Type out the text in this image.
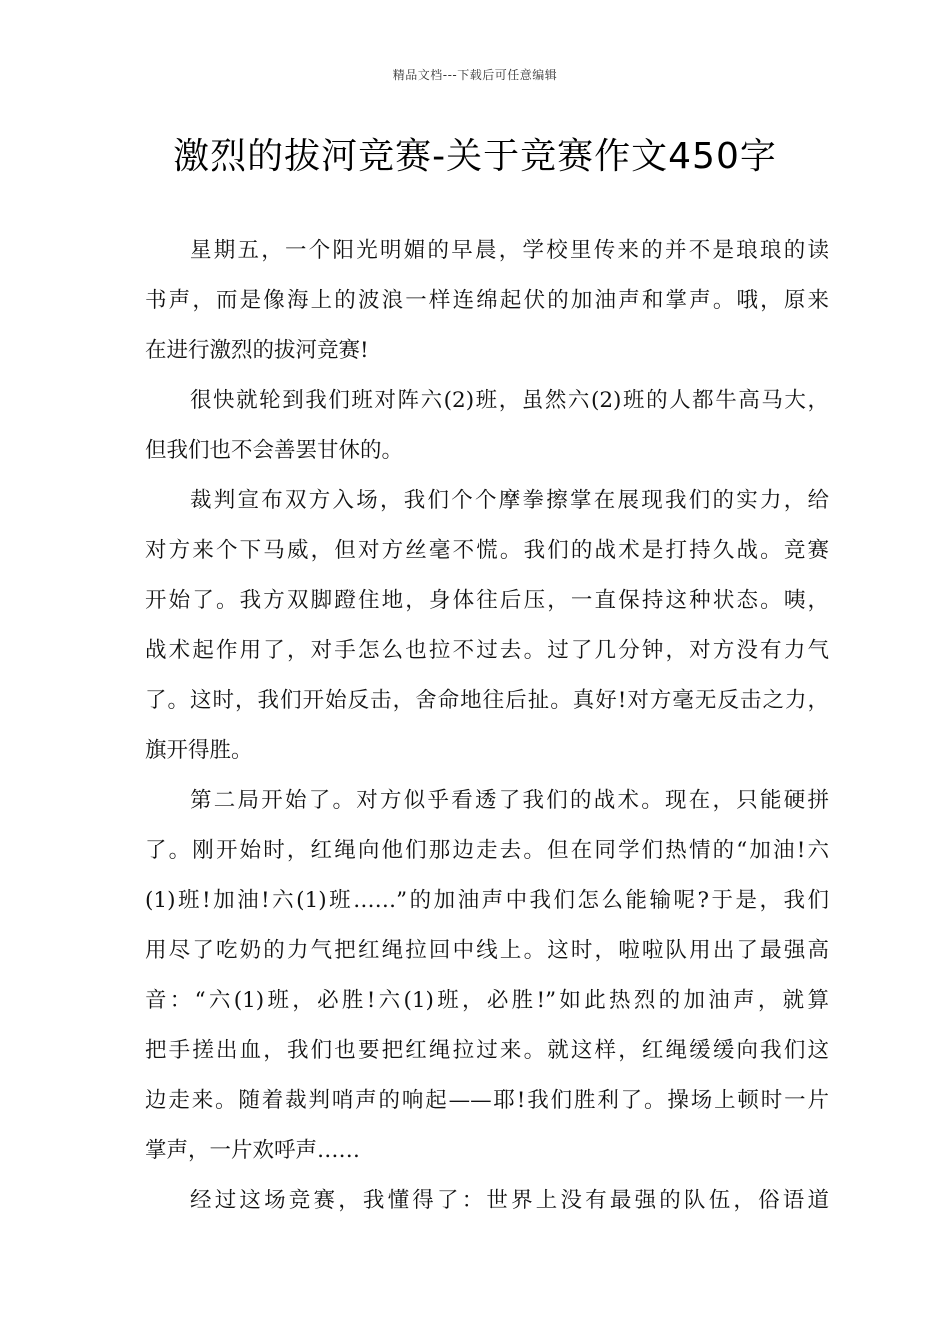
精品文档---下载后可任意编辑
激烈的拔河竞赛-关于竞赛作文450字
星期五，一个阳光明媚的早晨，学校里传来的并不是琅琅的读
书声，而是像海上的波浪一样连绵起伏的加油声和掌声。哦，原来
在进行激烈的拔河竞赛!
很快就轮到我们班对阵六(2)班，虽然六(2)班的人都牛高马大，
但我们也不会善罢甘休的。
裁判宣布双方入场，我们个个摩拳擦掌在展现我们的实力，给
对方来个下马威，但对方丝毫不慌。我们的战术是打持久战。竞赛
开始了。我方双脚蹬住地，身体往后压，一直保持这种状态。咦，
战术起作用了，对手怎么也拉不过去。过了几分钟，对方没有力气
了。这时，我们开始反击，舍命地往后扯。真好!对方毫无反击之力，
旗开得胜。
第二局开始了。对方似乎看透了我们的战术。现在，只能硬拼
了。刚开始时，红绳向他们那边走去。但在同学们热情的“加油!六
(1)班!加油!六(1)班……”的加油声中我们怎么能输呢?于是，我们
用尽了吃奶的力气把红绳拉回中线上。这时，啦啦队用出了最强高
音：“六(1)班，必胜!六(1)班，必胜!”如此热烈的加油声，就算
把手搓出血，我们也要把红绳拉过来。就这样，红绳缓缓向我们这
边走来。随着裁判哨声的响起——耶!我们胜利了。操场上顿时一片
掌声，一片欢呼声……
经过这场竞赛，我懂得了：世界上没有最强的队伍，俗语道
